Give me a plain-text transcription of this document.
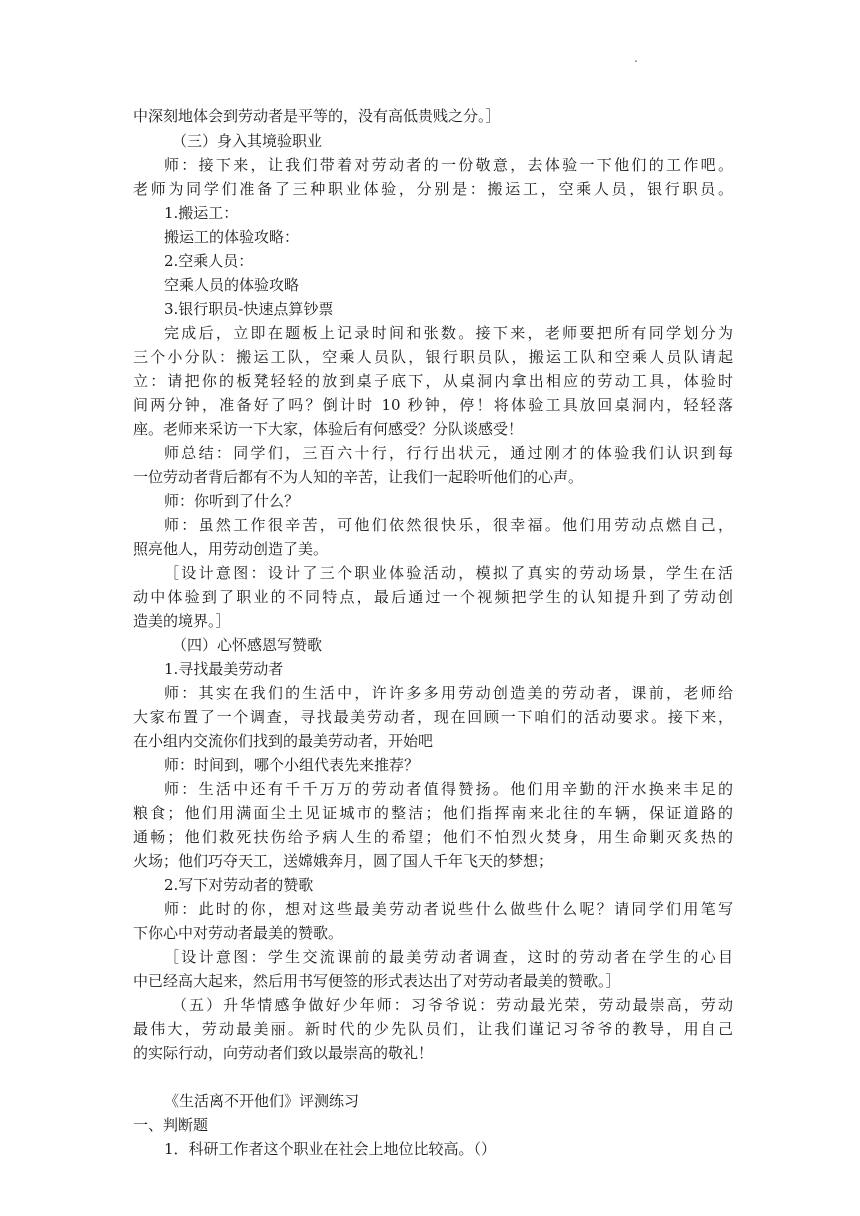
.
中深刻地体会到劳动者是平等的，没有高低贵贱之分。］
（三）身入其境验职业
师：接下来，让我们带着对劳动者的一份敬意，去体验一下他们的工作吧。
老师为同学们准备了三种职业体验，分别是：搬运工，空乘人员，银行职员。
1.搬运工：
搬运工的体验攻略：
2.空乘人员：
空乘人员的体验攻略
3.银行职员-快速点算钞票
完成后，立即在题板上记录时间和张数。接下来，老师要把所有同学划分为
三个小分队：搬运工队，空乘人员队，银行职员队，搬运工队和空乘人员队请起
立：请把你的板凳轻轻的放到桌子底下，从桌洞内拿出相应的劳动工具，体验时
间两分钟，准备好了吗？倒计时 10 秒钟，停！将体验工具放回桌洞内，轻轻落
座。老师来采访一下大家，体验后有何感受？分队谈感受！
师总结：同学们，三百六十行，行行出状元，通过刚才的体验我们认识到每
一位劳动者背后都有不为人知的辛苦，让我们一起聆听他们的心声。
师：你听到了什么？
师：虽然工作很辛苦，可他们依然很快乐，很幸福。他们用劳动点燃自己，
照亮他人，用劳动创造了美。
［设计意图：设计了三个职业体验活动，模拟了真实的劳动场景，学生在活
动中体验到了职业的不同特点，最后通过一个视频把学生的认知提升到了劳动创
造美的境界。］
（四）心怀感恩写赞歌
1.寻找最美劳动者
师：其实在我们的生活中，许许多多用劳动创造美的劳动者，课前，老师给
大家布置了一个调查，寻找最美劳动者，现在回顾一下咱们的活动要求。接下来，
在小组内交流你们找到的最美劳动者，开始吧
师：时间到，哪个小组代表先来推荐？
师：生活中还有千千万万的劳动者值得赞扬。他们用辛勤的汗水换来丰足的
粮食；他们用满面尘土见证城市的整洁；他们指挥南来北往的车辆，保证道路的
通畅；他们救死扶伤给予病人生的希望；他们不怕烈火焚身，用生命剿灭炙热的
火场；他们巧夺天工，送嫦娥奔月，圆了国人千年飞天的梦想；
2.写下对劳动者的赞歌
师：此时的你，想对这些最美劳动者说些什么做些什么呢？请同学们用笔写
下你心中对劳动者最美的赞歌。
［设计意图：学生交流课前的最美劳动者调查，这时的劳动者在学生的心目
中已经高大起来，然后用书写便签的形式表达出了对劳动者最美的赞歌。］
（五）升华情感争做好少年师：习爷爷说：劳动最光荣，劳动最崇高，劳动
最伟大，劳动最美丽。新时代的少先队员们，让我们谨记习爷爷的教导，用自己
的实际行动，向劳动者们致以最崇高的敬礼！
《生活离不开他们》评测练习
一、判断题
1．科研工作者这个职业在社会上地位比较高。（）
